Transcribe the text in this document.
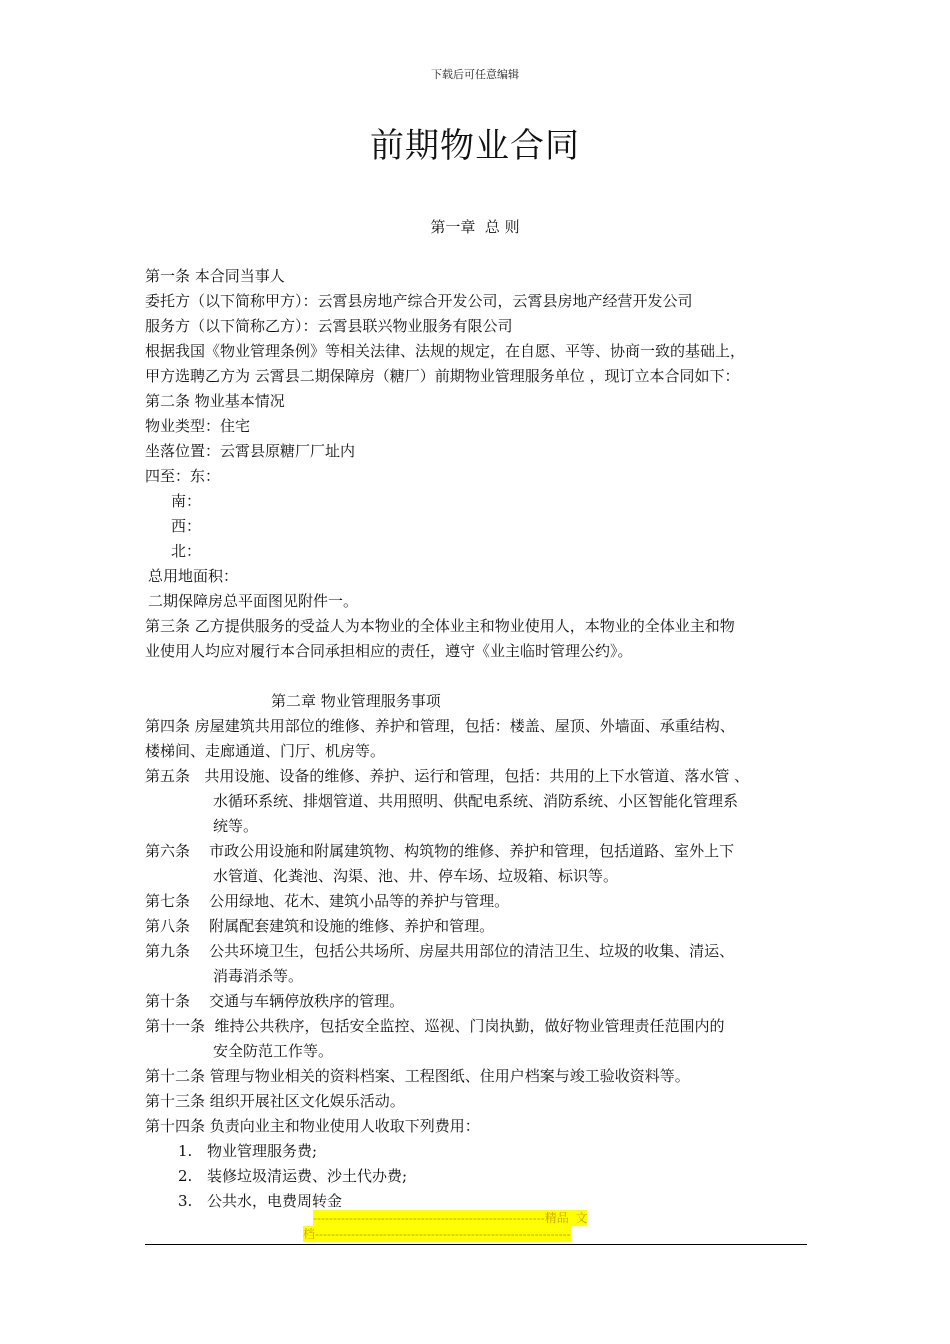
下载后可任意编辑
前期物业合同
第一章  总 则
第一条 本合同当事人
委托方（以下简称甲方）：云霄县房地产综合开发公司，云霄县房地产经营开发公司
服务方（以下简称乙方）：云霄县联兴物业服务有限公司
根据我国《物业管理条例》等相关法律、法规的规定，在自愿、平等、协商一致的基础上，
甲方选聘乙方为 云霄县二期保障房（糖厂）前期物业管理服务单位 ，现订立本合同如下：
第二条 物业基本情况
物业类型：住宅
坐落位置：云霄县原糖厂厂址内
四至：东：
南：
西：
北：
总用地面积：
二期保障房总平面图见附件一。
第三条 乙方提供服务的受益人为本物业的全体业主和物业使用人，本物业的全体业主和物
业使用人均应对履行本合同承担相应的责任，遵守《业主临时管理公约》。
第二章 物业管理服务事项
第四条 房屋建筑共用部位的维修、养护和管理，包括：楼盖、屋顶、外墙面、承重结构、
楼梯间、走廊通道、门厅、机房等。
第五条 共用设施、设备的维修、养护、运行和管理，包括：共用的上下水管道、落水管 、
水循环系统、排烟管道、共用照明、供配电系统、消防系统、小区智能化管理系
统等。
第六条 市政公用设施和附属建筑物、构筑物的维修、养护和管理，包括道路、室外上下
水管道、化粪池、沟渠、池、井、停车场、垃圾箱、标识等。
第七条 公用绿地、花木、建筑小品等的养护与管理。
第八条 附属配套建筑和设施的维修、养护和管理。
第九条 公共环境卫生，包括公共场所、房屋共用部位的清洁卫生、垃圾的收集、清运、
消毒消杀等。
第十条 交通与车辆停放秩序的管理。
第十一条 维持公共秩序，包括安全监控、巡视、门岗执勤，做好物业管理责任范围内的
安全防范工作等。
第十二条 管理与物业相关的资料档案、工程图纸、住用户档案与竣工验收资料等。
第十三条 组织开展社区文化娱乐活动。
第十四条 负责向业主和物业使用人收取下列费用：
1. 物业管理服务费;
2. 装修垃圾清运费、沙土代办费;
3. 公共水，电费周转金
----------------------------------------------------------精品  文
档----------------------------------------------------------------
